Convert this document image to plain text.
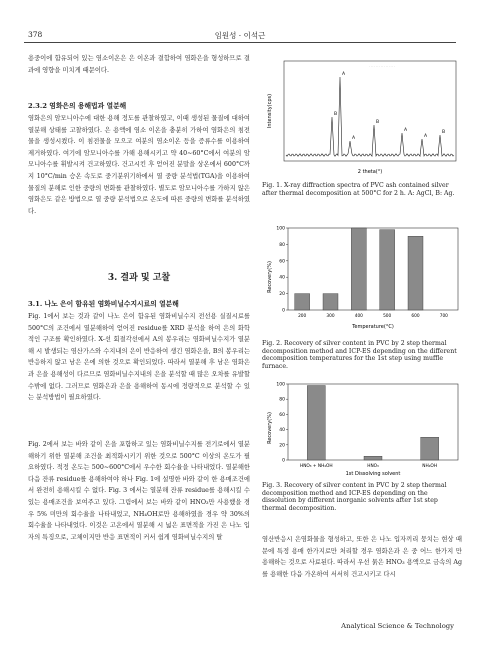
378	임원성 · 이석근

용중이에 함유되어 있는 염소이온은 은 이온과 결합하여 염화은을 형성하므로 결과에 영향을 미치게 때문이다.

2.3.2 염화은의 용해법과 열분해

염화은의 암모니아수에 대한 용해 정도를 관찰하였고, 이때 생성된 물질에 대하여 열분해 상태를 고찰하였다. 은 용액에 염소 이온을 충분히 가하여 염화은의 침전물을 생성시켰다. 이 침전물을 모으고 여분의 염소이온 등을 증류수를 이용하여 제거하였다. 여기에 암모니아수를 가해 용해시키고 약 40~60°C에서 여분의 암모니아수를 휘발시켜 건고하였다. 건고시킨 후 얻어진 분말을 상온에서 600°C까지 10°C/min 승온 속도로 중기분위기하에서 열 중량 분석법(TGA)을 이용하여 물질의 분해로 인한 중량의 변화를 관찰하였다. 별도로 암모니아수를 가하지 않은 염화은도 같은 방법으로 열 중량 분석법으로 온도에 따른 중량의 변화를 분석하였다.

3. 결과 및 고찰
3.1. 나노 은이 함유된 염화비닐수지시료의 열분해

Fig. 1에서 보는 것과 같이 나노 은이 함유된 염화비닐수지 전선용 실질시료를 500°C의 조건에서 열분해하여 얻어진 residue를 XRD 분석을 하여 은의 화학적인 구조를 확인하였다. X-선 회절각선에서 A의 봉우리는 염화비닐수지가 열분해 시 발생되는 염산가스와 수지내의 은이 반응하여 생긴 염화은을, B의 봉우리는 반응하지 않고 남은 은에 의한 것으로 확인되었다. 따라서 열분해 후 남은 염화은과 은을 용해성이 다르므로 염화비닐수지내의 은을 분석할 때 많은 오차를 유발할 수밖에 없다. 그러므로 염화은과 은을 용해하여 동시에 정량적으로 분석할 수 있는 분석방법이 필요하였다.

Fig. 2에서 보는 바와 같이 은을 포함하고 있는 염화비닐수지를 전기로에서 열분해하기 위한 열분해 조건을 최적화시키기 위한 것으로 500°C 이상의 온도가 필요하였다. 적정 온도는 500~600°C에서 우수한 회수율을 나타내었다. 열분해한 다음 잔류 residue를 용해하여야 하나 Fig. 1에 설명한 바와 같이 한 용매조건에서 완전히 용해시킬 수 없다. Fig. 3 에서는 열분해 잔류 residue를 용해시킬 수 있는 용매조건을 보여주고 있다. 그림에서 보는 바와 같이 HNO₃만 사용했을 경우 5% 미만의 회수율을 나타내었고, NH₄OH로만 용해하였을 경우 약 30%의 회수율을 나타내었다. 이것은 고온에서 열분해 시 넓은 표면적을 가진 은 나노 입자의 특징으로, 고체이지만 반응 표면적이 커서 쉽게 염화비닐수지의 탈

· · · · · · · · · · · · · · · ·
B
A
A
B
A
A
B
Intensity(cps)
2 theta(°)
Fig. 1. X-ray diffraction spectra of PVC ash contained silver after thermal decomposition at 500°C for 2 h. A: AgCl, B: Ag.
Recovery(%)
Temperature(°C)
0
20
40
60
80
100
200	300	400	500	600	700
Fig. 2. Recovery of silver content in PVC by 2 step thermal decomposition method and ICP-ES depending on the different decomposition temperatures for the 1st step using muffle furnace.
Recovery(%)
1st Dissolving solvent
0
20
40
60
80
100
HNO₃ + NH₄OH	HNO₃	NH₄OH
Fig. 3. Recovery of silver content in PVC by 2 step thermal decomposition method and ICP-ES depending on the dissolution by different inorganic solvents after 1st step thermal decomposition.

염산반응시 은염화물을 형성하고, 또한 은 나노 입자끼리 뭉치는 현상 때문에 특정 용매 한가지로만 처리할 경우 염화은과 은 중 어느 한가지 만 용해하는 것으로 사료된다. 따라서 우선 묽은 HNO₃ 용액으로 금속의 Ag를 용해한 다음 가온하여 서서히 건고시키고 다시

Analytical Science & Technology
